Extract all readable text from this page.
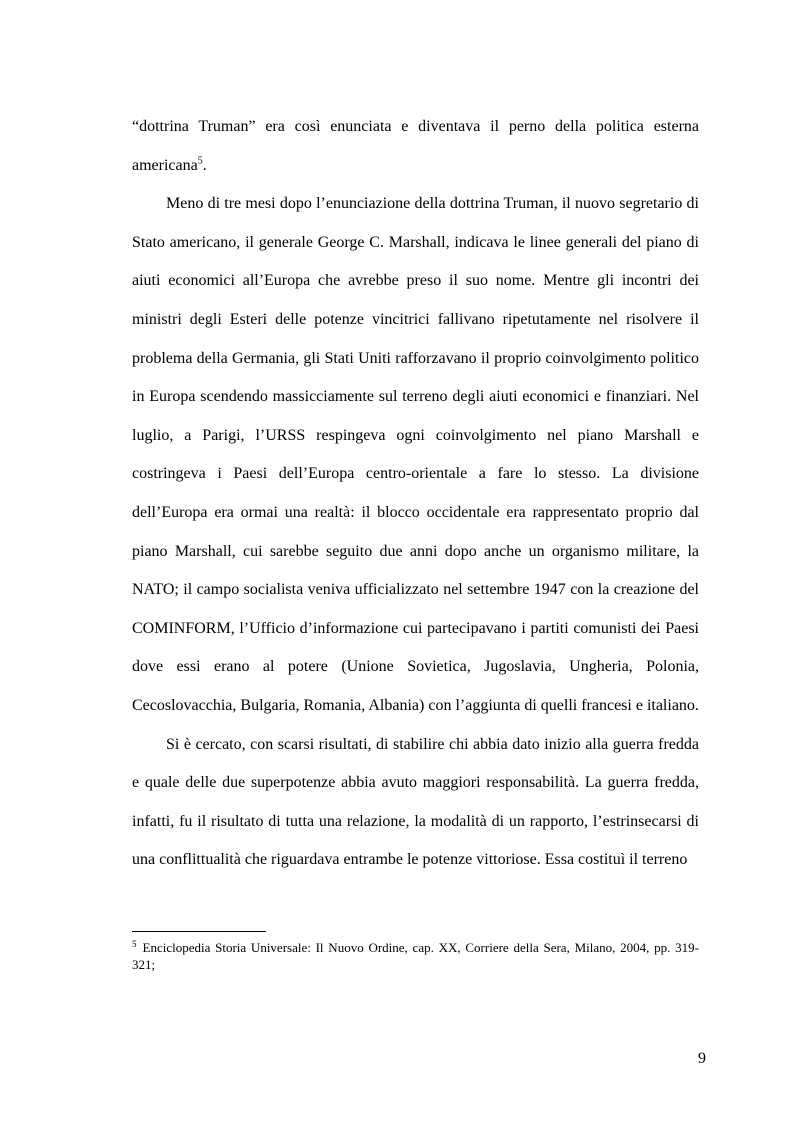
“dottrina Truman” era così enunciata e diventava il perno della politica esterna americana$^5$.

Meno di tre mesi dopo l’enunciazione della dottrina Truman, il nuovo segretario di Stato americano, il generale George C. Marshall, indicava le linee generali del piano di aiuti economici all’Europa che avrebbe preso il suo nome. Mentre gli incontri dei ministri degli Esteri delle potenze vincitrici fallivano ripetutamente nel risolvere il problema della Germania, gli Stati Uniti rafforzavano il proprio coinvolgimento politico in Europa scendendo massicciamente sul terreno degli aiuti economici e finanziari. Nel luglio, a Parigi, l’URSS respingeva ogni coinvolgimento nel piano Marshall e costringeva i Paesi dell’Europa centro-orientale a fare lo stesso. La divisione dell’Europa era ormai una realtà: il blocco occidentale era rappresentato proprio dal piano Marshall, cui sarebbe seguito due anni dopo anche un organismo militare, la NATO; il campo socialista veniva ufficializzato nel settembre 1947 con la creazione del COMINFORM, l’Ufficio d’informazione cui partecipavano i partiti comunisti dei Paesi dove essi erano al potere (Unione Sovietica, Jugoslavia, Ungheria, Polonia, Cecoslovacchia, Bulgaria, Romania, Albania) con l’aggiunta di quelli francesi e italiano.

Si è cercato, con scarsi risultati, di stabilire chi abbia dato inizio alla guerra fredda e quale delle due superpotenze abbia avuto maggiori responsabilità. La guerra fredda, infatti, fu il risultato di tutta una relazione, la modalità di un rapporto, l’estrinsecarsi di una conflittualità che riguardava entrambe le potenze vittoriose. Essa costituì il terreno

$^5$ Enciclopedia Storia Universale: Il Nuovo Ordine, cap. XX, Corriere della Sera, Milano, 2004, pp. 319-321;
9
